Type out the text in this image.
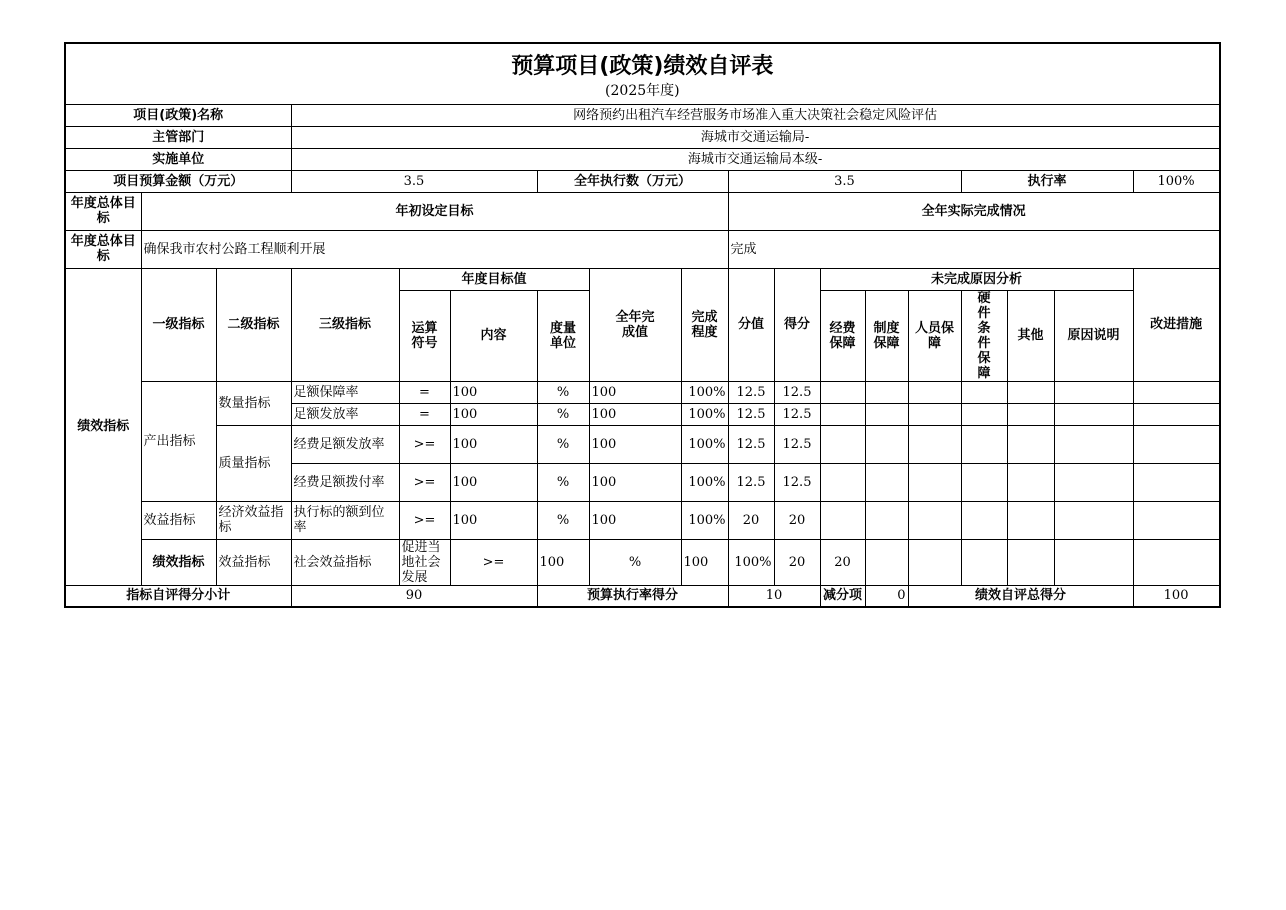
预算项目(政策)绩效自评表
(2025年度)																		

项目(政策)名称			网络预约出租汽车经营服务市场准入重大决策社会稳定风险评估															
主管部门			海城市交通运输局-															
实施单位			海城市交通运输局本级-															
项目预算金额（万元）			3.5			全年执行数（万元）			3.5					执行率			100%	
年度总体目标	年初设定目标								全年实际完成情况									
年度总体目标	确保我市农村公路工程顺利开展								完成									
绩效指标	一级指标	二级指标	三级指标	年度目标值			全年完成值	完成程度	分值	得分	未完成原因分析						改进措施	
				运算符号	内容	度量单位					经费保障	制度保障	人员保障	硬件条件保障	其他	原因说明		
	产出指标	数量指标	足额保障率	=	100	%	100	100%	12.5	12.5								
			足额发放率	=	100	%	100	100%	12.5	12.5								
		质量指标	经费足额发放率	>=	100	%	100	100%	12.5	12.5								
			经费足额拨付率	>=	100	%	100	100%	12.5	12.5								
	效益指标	经济效益指标	执行标的额到位率	>=	100	%	100	100%	20	20								
	绩效指标	效益指标	社会效益指标	促进当地社会发展	>=	100	%	100	100%	20	20							
指标自评得分小计			90			预算执行率得分			10		减分项	0	绩效自评总得分				100	
